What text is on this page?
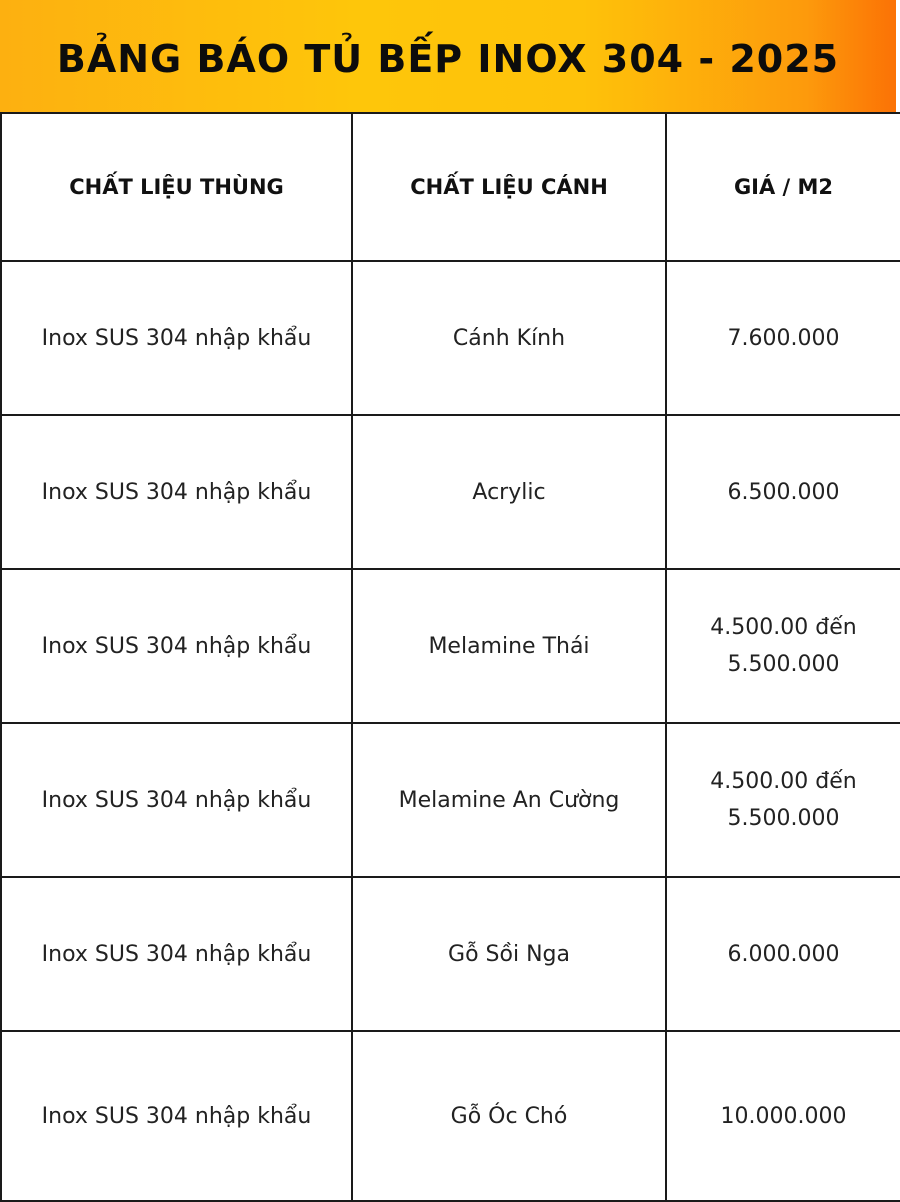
BẢNG BÁO TỦ BẾP INOX 304 - 2025
CHẤT LIỆU THÙNG	CHẤT LIỆU CÁNH	GIÁ / M2
Inox SUS 304 nhập khẩu	Cánh Kính	7.600.000

Inox SUS 304 nhập khẩu	Acrylic	6.500.000

Inox SUS 304 nhập khẩu	Melamine Thái	4.500.00 đến
5.500.000

Inox SUS 304 nhập khẩu	Melamine An Cường	4.500.00 đến
5.500.000

Inox SUS 304 nhập khẩu	Gỗ Sồi Nga	6.000.000

Inox SUS 304 nhập khẩu	Gỗ Óc Chó	10.000.000
